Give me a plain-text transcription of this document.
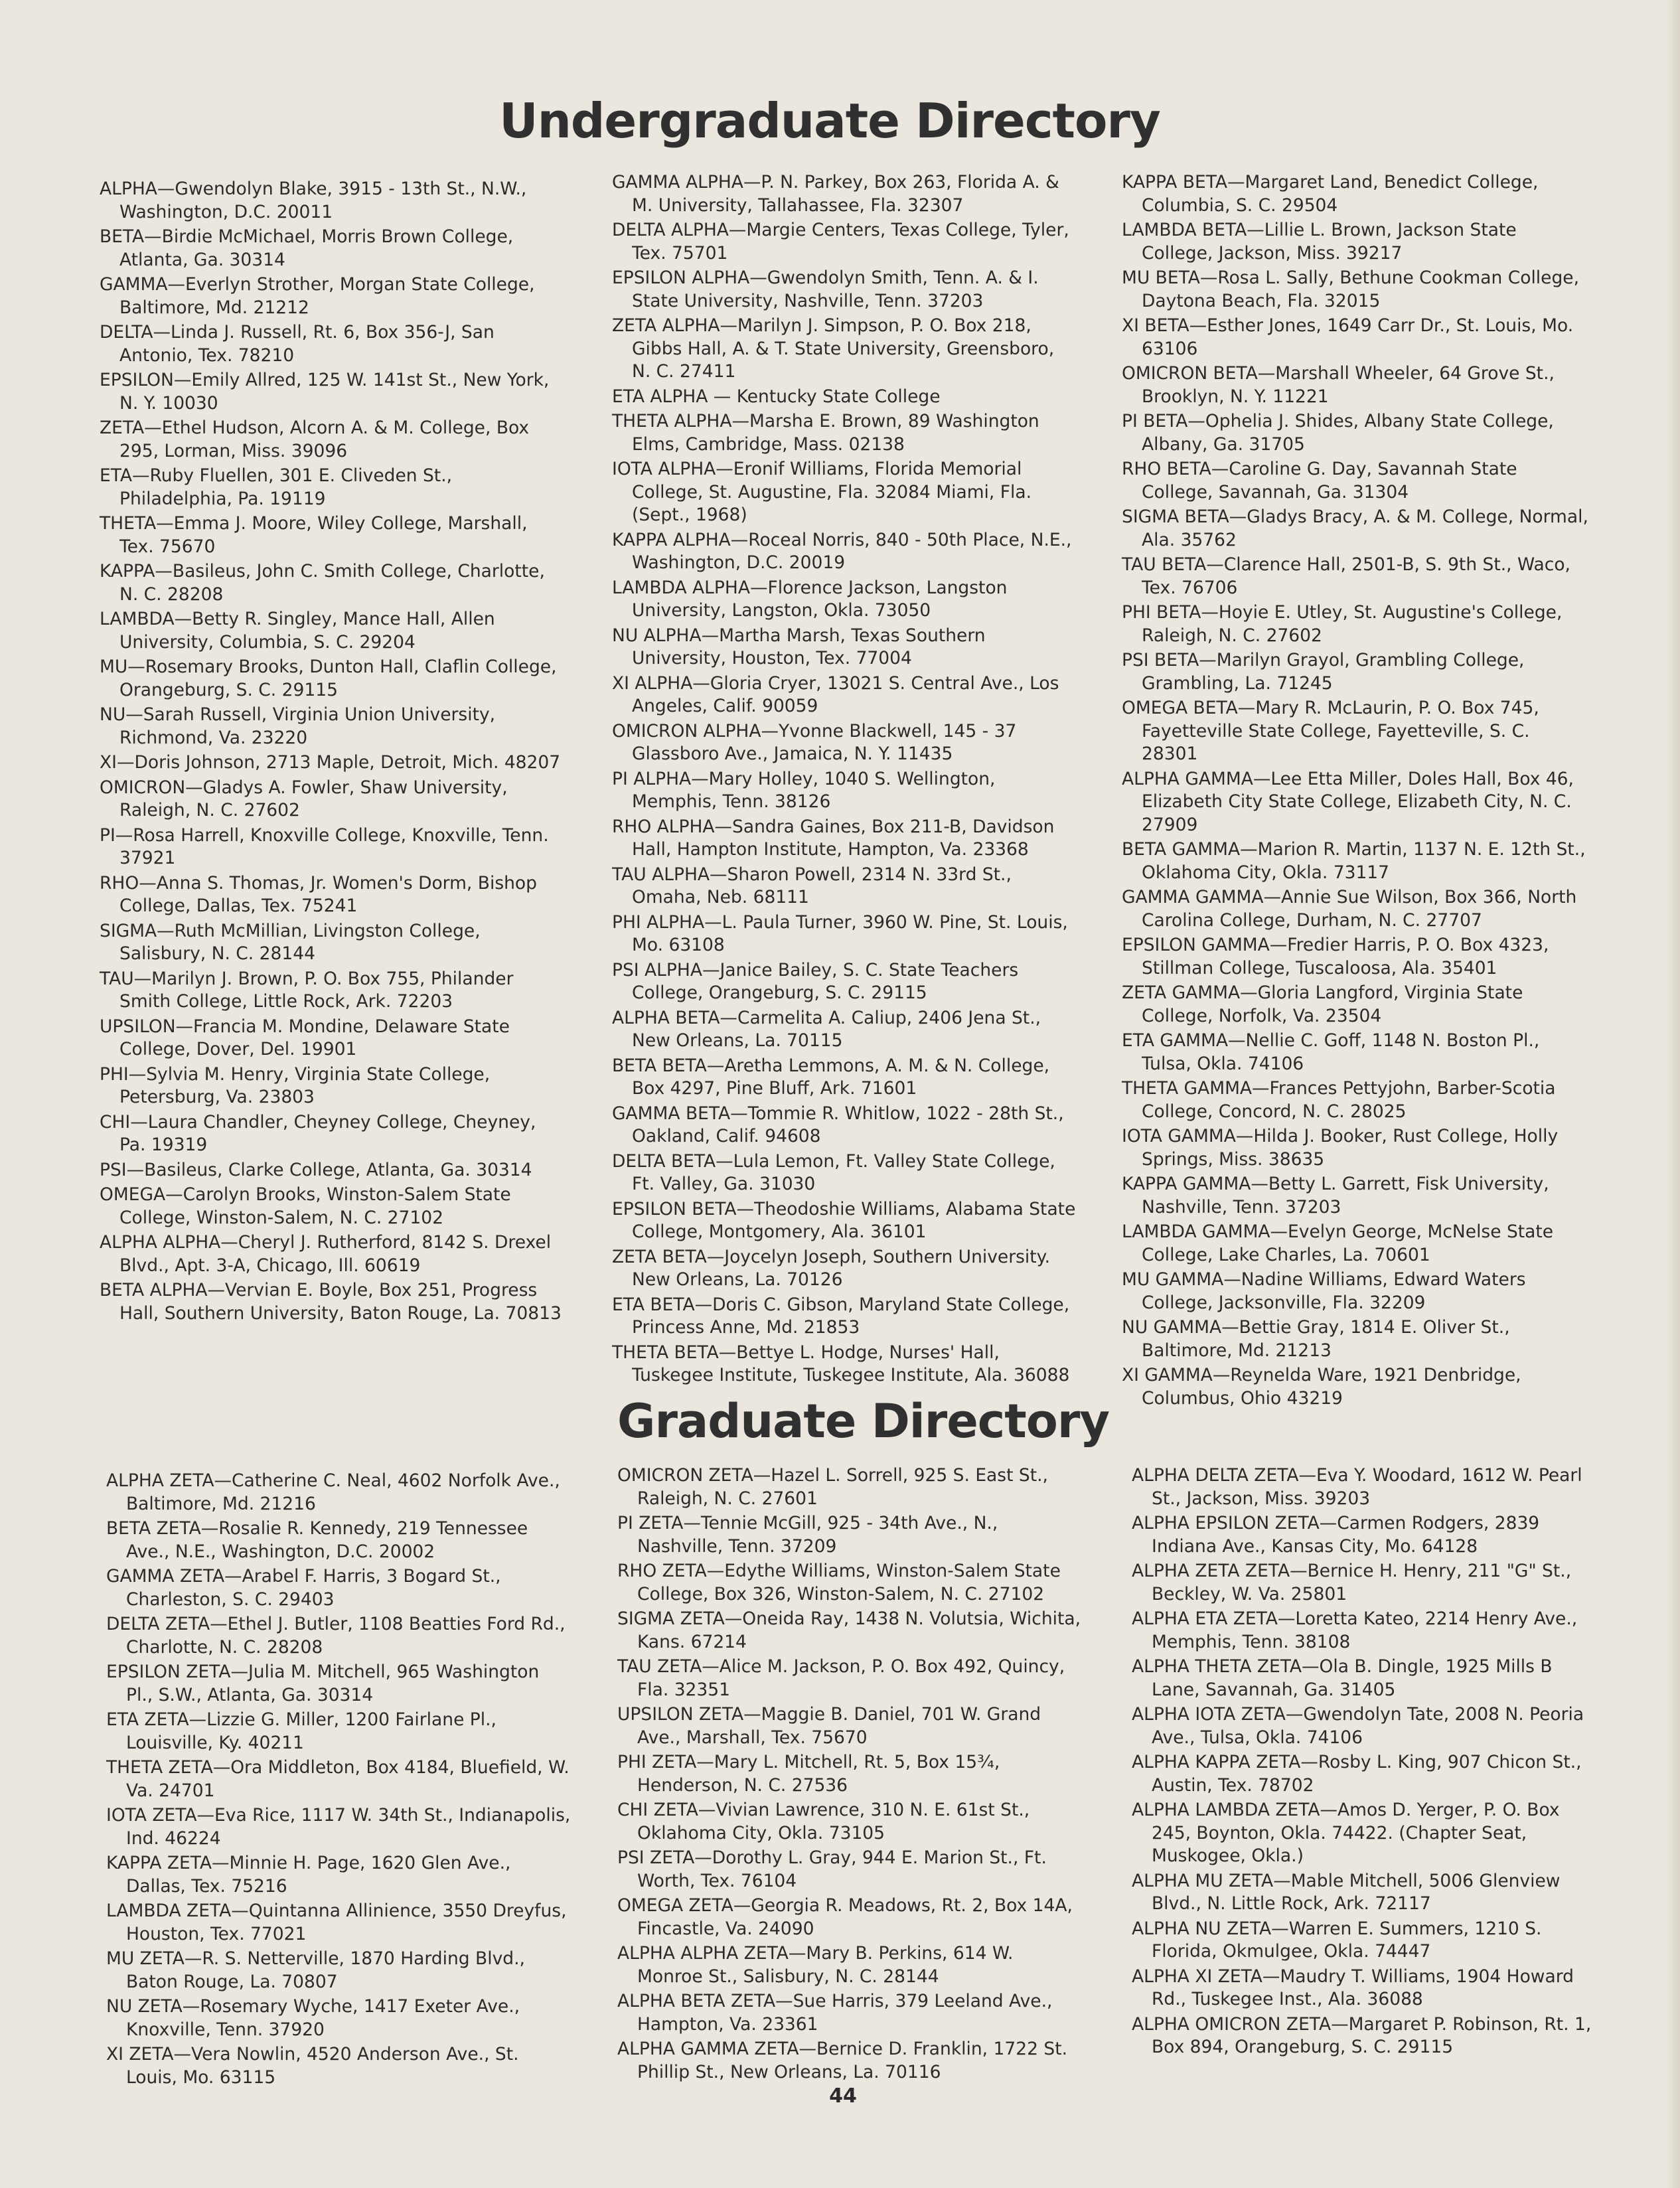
Undergraduate Directory
ALPHA—Gwendolyn Blake, 3915 - 13th St., N.W., Washington, D.C. 20011
BETA—Birdie McMichael, Morris Brown College, Atlanta, Ga. 30314
GAMMA—Everlyn Strother, Morgan State College, Baltimore, Md. 21212
DELTA—Linda J. Russell, Rt. 6, Box 356-J, San Antonio, Tex. 78210
EPSILON—Emily Allred, 125 W. 141st St., New York, N. Y. 10030
ZETA—Ethel Hudson, Alcorn A. & M. College, Box 295, Lorman, Miss. 39096
ETA—Ruby Fluellen, 301 E. Cliveden St., Philadelphia, Pa. 19119
THETA—Emma J. Moore, Wiley College, Marshall, Tex. 75670
KAPPA—Basileus, John C. Smith College, Charlotte, N. C. 28208
LAMBDA—Betty R. Singley, Mance Hall, Allen University, Columbia, S. C. 29204
MU—Rosemary Brooks, Dunton Hall, Claflin College, Orangeburg, S. C. 29115
NU—Sarah Russell, Virginia Union University, Richmond, Va. 23220
XI—Doris Johnson, 2713 Maple, Detroit, Mich. 48207
OMICRON—Gladys A. Fowler, Shaw University, Raleigh, N. C. 27602
PI—Rosa Harrell, Knoxville College, Knoxville, Tenn. 37921
RHO—Anna S. Thomas, Jr. Women's Dorm, Bishop College, Dallas, Tex. 75241
SIGMA—Ruth McMillian, Livingston College, Salisbury, N. C. 28144
TAU—Marilyn J. Brown, P. O. Box 755, Philander Smith College, Little Rock, Ark. 72203
UPSILON—Francia M. Mondine, Delaware State College, Dover, Del. 19901
PHI—Sylvia M. Henry, Virginia State College, Petersburg, Va. 23803
CHI—Laura Chandler, Cheyney College, Cheyney, Pa. 19319
PSI—Basileus, Clarke College, Atlanta, Ga. 30314
OMEGA—Carolyn Brooks, Winston-Salem State College, Winston-Salem, N. C. 27102
ALPHA ALPHA—Cheryl J. Rutherford, 8142 S. Drexel Blvd., Apt. 3-A, Chicago, Ill. 60619
BETA ALPHA—Vervian E. Boyle, Box 251, Progress Hall, Southern University, Baton Rouge, La. 70813
GAMMA ALPHA—P. N. Parkey, Box 263, Florida A. & M. University, Tallahassee, Fla. 32307
DELTA ALPHA—Margie Centers, Texas College, Tyler, Tex. 75701
EPSILON ALPHA—Gwendolyn Smith, Tenn. A. & I. State University, Nashville, Tenn. 37203
ZETA ALPHA—Marilyn J. Simpson, P. O. Box 218, Gibbs Hall, A. & T. State University, Greensboro, N. C. 27411
ETA ALPHA — Kentucky State College
THETA ALPHA—Marsha E. Brown, 89 Washington Elms, Cambridge, Mass. 02138
IOTA ALPHA—Eronif Williams, Florida Memorial College, St. Augustine, Fla. 32084 Miami, Fla. (Sept., 1968)
KAPPA ALPHA—Roceal Norris, 840 - 50th Place, N.E., Washington, D.C. 20019
LAMBDA ALPHA—Florence Jackson, Langston University, Langston, Okla. 73050
NU ALPHA—Martha Marsh, Texas Southern University, Houston, Tex. 77004
XI ALPHA—Gloria Cryer, 13021 S. Central Ave., Los Angeles, Calif. 90059
OMICRON ALPHA—Yvonne Blackwell, 145 - 37 Glassboro Ave., Jamaica, N. Y. 11435
PI ALPHA—Mary Holley, 1040 S. Wellington, Memphis, Tenn. 38126
RHO ALPHA—Sandra Gaines, Box 211-B, Davidson Hall, Hampton Institute, Hampton, Va. 23368
TAU ALPHA—Sharon Powell, 2314 N. 33rd St., Omaha, Neb. 68111
PHI ALPHA—L. Paula Turner, 3960 W. Pine, St. Louis, Mo. 63108
PSI ALPHA—Janice Bailey, S. C. State Teachers College, Orangeburg, S. C. 29115
ALPHA BETA—Carmelita A. Caliup, 2406 Jena St., New Orleans, La. 70115
BETA BETA—Aretha Lemmons, A. M. & N. College, Box 4297, Pine Bluff, Ark. 71601
GAMMA BETA—Tommie R. Whitlow, 1022 - 28th St., Oakland, Calif. 94608
DELTA BETA—Lula Lemon, Ft. Valley State College, Ft. Valley, Ga. 31030
EPSILON BETA—Theodoshie Williams, Alabama State College, Montgomery, Ala. 36101
ZETA BETA—Joycelyn Joseph, Southern University. New Orleans, La. 70126
ETA BETA—Doris C. Gibson, Maryland State College, Princess Anne, Md. 21853
THETA BETA—Bettye L. Hodge, Nurses' Hall, Tuskegee Institute, Tuskegee Institute, Ala. 36088
KAPPA BETA—Margaret Land, Benedict College, Columbia, S. C. 29504
LAMBDA BETA—Lillie L. Brown, Jackson State College, Jackson, Miss. 39217
MU BETA—Rosa L. Sally, Bethune Cookman College, Daytona Beach, Fla. 32015
XI BETA—Esther Jones, 1649 Carr Dr., St. Louis, Mo. 63106
OMICRON BETA—Marshall Wheeler, 64 Grove St., Brooklyn, N. Y. 11221
PI BETA—Ophelia J. Shides, Albany State College, Albany, Ga. 31705
RHO BETA—Caroline G. Day, Savannah State College, Savannah, Ga. 31304
SIGMA BETA—Gladys Bracy, A. & M. College, Normal, Ala. 35762
TAU BETA—Clarence Hall, 2501-B, S. 9th St., Waco, Tex. 76706
PHI BETA—Hoyie E. Utley, St. Augustine's College, Raleigh, N. C. 27602
PSI BETA—Marilyn Grayol, Grambling College, Grambling, La. 71245
OMEGA BETA—Mary R. McLaurin, P. O. Box 745, Fayetteville State College, Fayetteville, S. C. 28301
ALPHA GAMMA—Lee Etta Miller, Doles Hall, Box 46, Elizabeth City State College, Elizabeth City, N. C. 27909
BETA GAMMA—Marion R. Martin, 1137 N. E. 12th St., Oklahoma City, Okla. 73117
GAMMA GAMMA—Annie Sue Wilson, Box 366, North Carolina College, Durham, N. C. 27707
EPSILON GAMMA—Fredier Harris, P. O. Box 4323, Stillman College, Tuscaloosa, Ala. 35401
ZETA GAMMA—Gloria Langford, Virginia State College, Norfolk, Va. 23504
ETA GAMMA—Nellie C. Goff, 1148 N. Boston Pl., Tulsa, Okla. 74106
THETA GAMMA—Frances Pettyjohn, Barber-Scotia College, Concord, N. C. 28025
IOTA GAMMA—Hilda J. Booker, Rust College, Holly Springs, Miss. 38635
KAPPA GAMMA—Betty L. Garrett, Fisk University, Nashville, Tenn. 37203
LAMBDA GAMMA—Evelyn George, McNelse State College, Lake Charles, La. 70601
MU GAMMA—Nadine Williams, Edward Waters College, Jacksonville, Fla. 32209
NU GAMMA—Bettie Gray, 1814 E. Oliver St., Baltimore, Md. 21213
XI GAMMA—Reynelda Ware, 1921 Denbridge, Columbus, Ohio 43219
Graduate Directory
ALPHA ZETA—Catherine C. Neal, 4602 Norfolk Ave., Baltimore, Md. 21216
BETA ZETA—Rosalie R. Kennedy, 219 Tennessee Ave., N.E., Washington, D.C. 20002
GAMMA ZETA—Arabel F. Harris, 3 Bogard St., Charleston, S. C. 29403
DELTA ZETA—Ethel J. Butler, 1108 Beatties Ford Rd., Charlotte, N. C. 28208
EPSILON ZETA—Julia M. Mitchell, 965 Washington Pl., S.W., Atlanta, Ga. 30314
ETA ZETA—Lizzie G. Miller, 1200 Fairlane Pl., Louisville, Ky. 40211
THETA ZETA—Ora Middleton, Box 4184, Bluefield, W. Va. 24701
IOTA ZETA—Eva Rice, 1117 W. 34th St., Indianapolis, Ind. 46224
KAPPA ZETA—Minnie H. Page, 1620 Glen Ave., Dallas, Tex. 75216
LAMBDA ZETA—Quintanna Allinience, 3550 Dreyfus, Houston, Tex. 77021
MU ZETA—R. S. Netterville, 1870 Harding Blvd., Baton Rouge, La. 70807
NU ZETA—Rosemary Wyche, 1417 Exeter Ave., Knoxville, Tenn. 37920
XI ZETA—Vera Nowlin, 4520 Anderson Ave., St. Louis, Mo. 63115
OMICRON ZETA—Hazel L. Sorrell, 925 S. East St., Raleigh, N. C. 27601
PI ZETA—Tennie McGill, 925 - 34th Ave., N., Nashville, Tenn. 37209
RHO ZETA—Edythe Williams, Winston-Salem State College, Box 326, Winston-Salem, N. C. 27102
SIGMA ZETA—Oneida Ray, 1438 N. Volutsia, Wichita, Kans. 67214
TAU ZETA—Alice M. Jackson, P. O. Box 492, Quincy, Fla. 32351
UPSILON ZETA—Maggie B. Daniel, 701 W. Grand Ave., Marshall, Tex. 75670
PHI ZETA—Mary L. Mitchell, Rt. 5, Box 15¾, Henderson, N. C. 27536
CHI ZETA—Vivian Lawrence, 310 N. E. 61st St., Oklahoma City, Okla. 73105
PSI ZETA—Dorothy L. Gray, 944 E. Marion St., Ft. Worth, Tex. 76104
OMEGA ZETA—Georgia R. Meadows, Rt. 2, Box 14A, Fincastle, Va. 24090
ALPHA ALPHA ZETA—Mary B. Perkins, 614 W. Monroe St., Salisbury, N. C. 28144
ALPHA BETA ZETA—Sue Harris, 379 Leeland Ave., Hampton, Va. 23361
ALPHA GAMMA ZETA—Bernice D. Franklin, 1722 St. Phillip St., New Orleans, La. 70116
ALPHA DELTA ZETA—Eva Y. Woodard, 1612 W. Pearl St., Jackson, Miss. 39203
ALPHA EPSILON ZETA—Carmen Rodgers, 2839 Indiana Ave., Kansas City, Mo. 64128
ALPHA ZETA ZETA—Bernice H. Henry, 211 "G" St., Beckley, W. Va. 25801
ALPHA ETA ZETA—Loretta Kateo, 2214 Henry Ave., Memphis, Tenn. 38108
ALPHA THETA ZETA—Ola B. Dingle, 1925 Mills B Lane, Savannah, Ga. 31405
ALPHA IOTA ZETA—Gwendolyn Tate, 2008 N. Peoria Ave., Tulsa, Okla. 74106
ALPHA KAPPA ZETA—Rosby L. King, 907 Chicon St., Austin, Tex. 78702
ALPHA LAMBDA ZETA—Amos D. Yerger, P. O. Box 245, Boynton, Okla. 74422. (Chapter Seat, Muskogee, Okla.)
ALPHA MU ZETA—Mable Mitchell, 5006 Glenview Blvd., N. Little Rock, Ark. 72117
ALPHA NU ZETA—Warren E. Summers, 1210 S. Florida, Okmulgee, Okla. 74447
ALPHA XI ZETA—Maudry T. Williams, 1904 Howard Rd., Tuskegee Inst., Ala. 36088
ALPHA OMICRON ZETA—Margaret P. Robinson, Rt. 1, Box 894, Orangeburg, S. C. 29115

44
